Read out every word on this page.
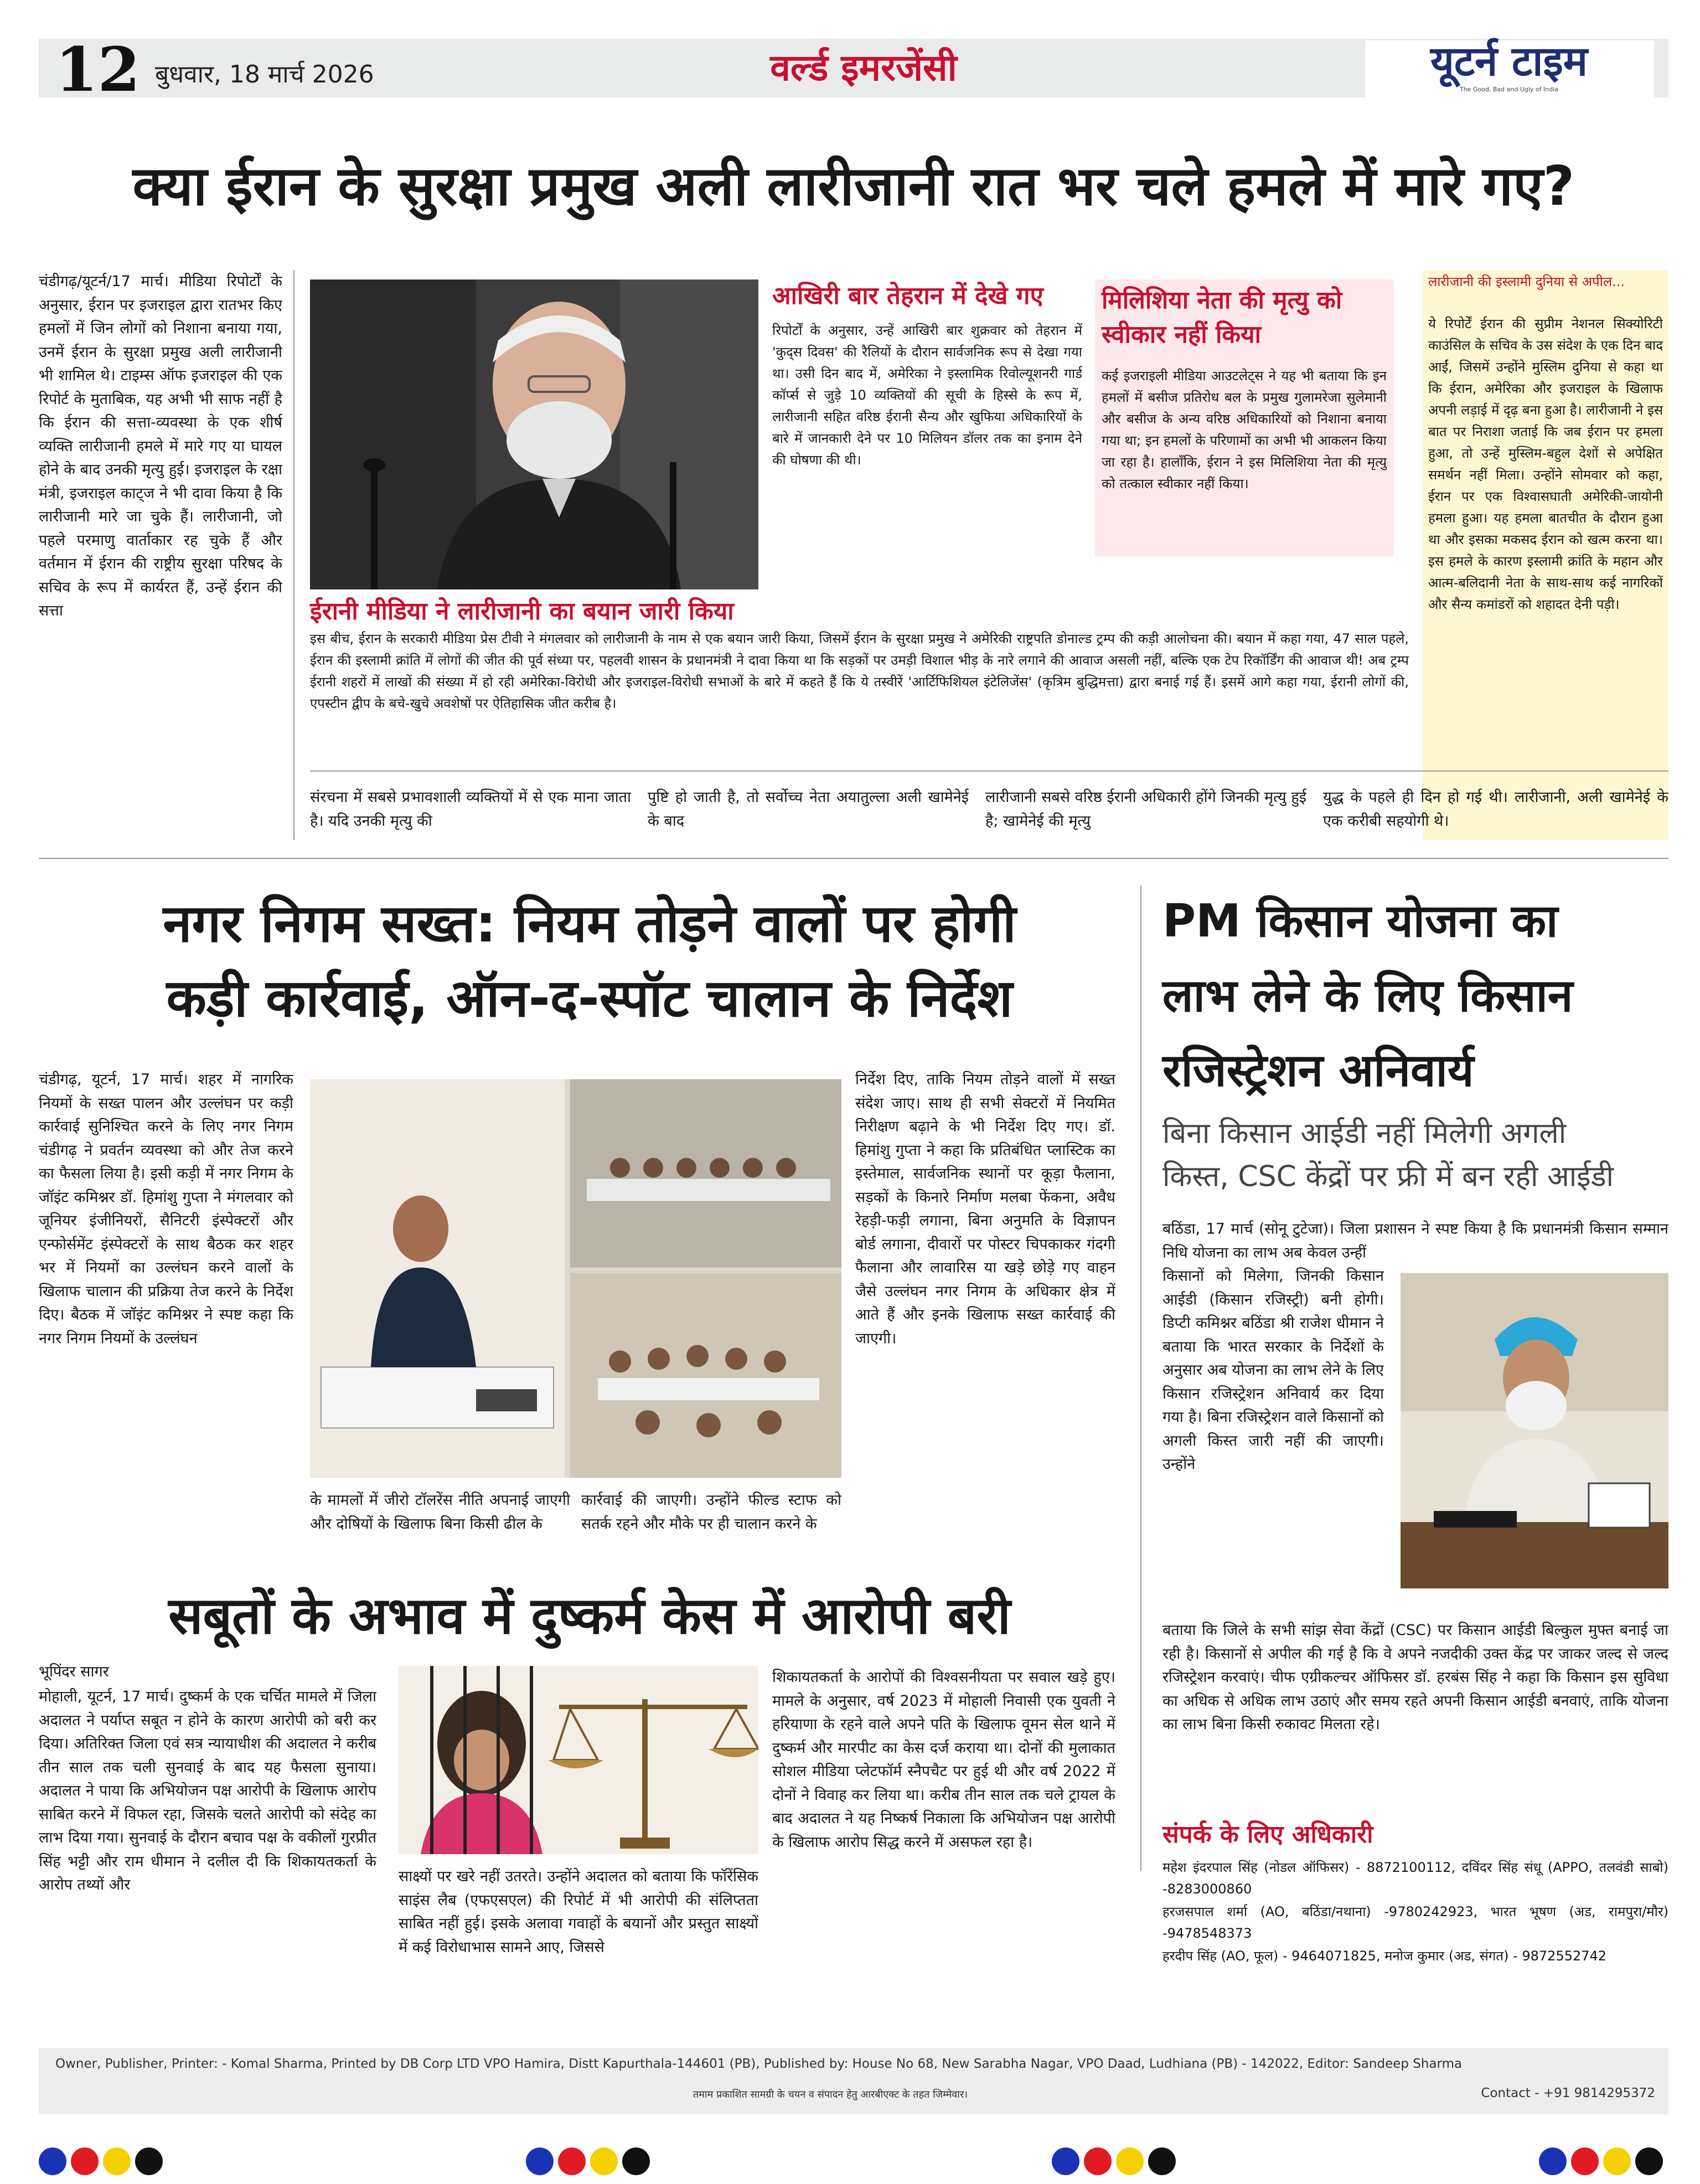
12 बुधवार, 18 मार्च 2026	वर्ल्ड इमरजेंसी	यूटर्न टाइम
The Good, Bad and Ugly of India
क्या ईरान के सुरक्षा प्रमुख अली लारीजानी रात भर चले हमले में मारे गए?
चंडीगढ़/यूटर्न/17 मार्च। मीडिया रिपोर्टों के अनुसार, ईरान पर इजराइल द्वारा रातभर किए हमलों में जिन लोगों को निशाना बनाया गया, उनमें ईरान के सुरक्षा प्रमुख अली लारीजानी भी शामिल थे। टाइम्स ऑफ इजराइल की एक रिपोर्ट के मुताबिक, यह अभी भी साफ नहीं है कि ईरान की सत्ता-व्यवस्था के एक शीर्ष व्यक्ति लारीजानी हमले में मारे गए या घायल होने के बाद उनकी मृत्यु हुई। इजराइल के रक्षा मंत्री, इजराइल काट्ज ने भी दावा किया है कि लारीजानी मारे जा चुके हैं। लारीजानी, जो पहले परमाणु वार्ताकार रह चुके हैं और वर्तमान में ईरान की राष्ट्रीय सुरक्षा परिषद के सचिव के रूप में कार्यरत हैं, उन्हें ईरान की सत्ता
आखिरी बार तेहरान में देखे गए
रिपोर्टों के अनुसार, उन्हें आखिरी बार शुक्रवार को तेहरान में 'कुद्स दिवस' की रैलियों के दौरान सार्वजनिक रूप से देखा गया था। उसी दिन बाद में, अमेरिका ने इस्लामिक रिवोल्यूशनरी गार्ड कॉर्प्स से जुड़े 10 व्यक्तियों की सूची के हिस्से के रूप में, लारीजानी सहित वरिष्ठ ईरानी सैन्य और खुफिया अधिकारियों के बारे में जानकारी देने पर 10 मिलियन डॉलर तक का इनाम देने की घोषणा की थी।
मिलिशिया नेता की मृत्यु को स्वीकार नहीं किया
कई इजराइली मीडिया आउटलेट्स ने यह भी बताया कि इन हमलों में बसीज प्रतिरोध बल के प्रमुख गुलामरेजा सुलेमानी और बसीज के अन्य वरिष्ठ अधिकारियों को निशाना बनाया गया था; इन हमलों के परिणामों का अभी भी आकलन किया जा रहा है। हालाँकि, ईरान ने इस मिलिशिया नेता की मृत्यु को तत्काल स्वीकार नहीं किया।
लारीजानी की इस्लामी दुनिया से अपील...
ये रिपोर्टें ईरान की सुप्रीम नेशनल सिक्योरिटी काउंसिल के सचिव के उस संदेश के एक दिन बाद आईं, जिसमें उन्होंने मुस्लिम दुनिया से कहा था कि ईरान, अमेरिका और इजराइल के खिलाफ अपनी लड़ाई में दृढ़ बना हुआ है। लारीजानी ने इस बात पर निराशा जताई कि जब ईरान पर हमला हुआ, तो उन्हें मुस्लिम-बहुल देशों से अपेक्षित समर्थन नहीं मिला। उन्होंने सोमवार को कहा, ईरान पर एक विश्वासघाती अमेरिकी-जायोनी हमला हुआ। यह हमला बातचीत के दौरान हुआ था और इसका मकसद ईरान को खत्म करना था। इस हमले के कारण इस्लामी क्रांति के महान और आत्म-बलिदानी नेता के साथ-साथ कई नागरिकों और सैन्य कमांडरों को शहादत देनी पड़ी।
ईरानी मीडिया ने लारीजानी का बयान जारी किया
इस बीच, ईरान के सरकारी मीडिया प्रेस टीवी ने मंगलवार को लारीजानी के नाम से एक बयान जारी किया, जिसमें ईरान के सुरक्षा प्रमुख ने अमेरिकी राष्ट्रपति डोनाल्ड ट्रम्प की कड़ी आलोचना की। बयान में कहा गया, 47 साल पहले, ईरान की इस्लामी क्रांति में लोगों की जीत की पूर्व संध्या पर, पहलवी शासन के प्रधानमंत्री ने दावा किया था कि सड़कों पर उमड़ी विशाल भीड़ के नारे लगाने की आवाज असली नहीं, बल्कि एक टेप रिकॉर्डिंग की आवाज थी! अब ट्रम्प ईरानी शहरों में लाखों की संख्या में हो रही अमेरिका-विरोधी और इजराइल-विरोधी सभाओं के बारे में कहते हैं कि ये तस्वीरें 'आर्टिफिशियल इंटेलिजेंस' (कृत्रिम बुद्धिमत्ता) द्वारा बनाई गई हैं। इसमें आगे कहा गया, ईरानी लोगों की, एपस्टीन द्वीप के बचे-खुचे अवशेषों पर ऐतिहासिक जीत करीब है।
संरचना में सबसे प्रभावशाली व्यक्तियों में से एक माना जाता है। यदि उनकी मृत्यु की
पुष्टि हो जाती है, तो सर्वोच्च नेता अयातुल्ला अली खामेनेई के बाद
लारीजानी सबसे वरिष्ठ ईरानी अधिकारी होंगे जिनकी मृत्यु हुई है; खामेनेई की मृत्यु
युद्ध के पहले ही दिन हो गई थी। लारीजानी, अली खामेनेई के एक करीबी सहयोगी थे।
नगर निगम सख्त: नियम तोड़ने वालों पर होगी
कड़ी कार्रवाई, ऑन-द-स्पॉट चालान के निर्देश
चंडीगढ़, यूटर्न, 17 मार्च। शहर में नागरिक नियमों के सख्त पालन और उल्लंघन पर कड़ी कार्रवाई सुनिश्चित करने के लिए नगर निगम चंडीगढ़ ने प्रवर्तन व्यवस्था को और तेज करने का फैसला लिया है। इसी कड़ी में नगर निगम के जॉइंट कमिश्नर डॉ. हिमांशु गुप्ता ने मंगलवार को जूनियर इंजीनियरों, सैनिटरी इंस्पेक्टरों और एन्फोर्समेंट इंस्पेक्टरों के साथ बैठक कर शहर भर में नियमों का उल्लंघन करने वालों के खिलाफ चालान की प्रक्रिया तेज करने के निर्देश दिए। बैठक में जॉइंट कमिश्नर ने स्पष्ट कहा कि नगर निगम नियमों के उल्लंघन
के मामलों में जीरो टॉलरेंस नीति अपनाई जाएगी और दोषियों के खिलाफ बिना किसी ढील के
कार्रवाई की जाएगी। उन्होंने फील्ड स्टाफ को सतर्क रहने और मौके पर ही चालान करने के
निर्देश दिए, ताकि नियम तोड़ने वालों में सख्त संदेश जाए। साथ ही सभी सेक्टरों में नियमित निरीक्षण बढ़ाने के भी निर्देश दिए गए। डॉ. हिमांशु गुप्ता ने कहा कि प्रतिबंधित प्लास्टिक का इस्तेमाल, सार्वजनिक स्थानों पर कूड़ा फैलाना, सड़कों के किनारे निर्माण मलबा फेंकना, अवैध रेहड़ी-फड़ी लगाना, बिना अनुमति के विज्ञापन बोर्ड लगाना, दीवारों पर पोस्टर चिपकाकर गंदगी फैलाना और लावारिस या खड़े छोड़े गए वाहन जैसे उल्लंघन नगर निगम के अधिकार क्षेत्र में आते हैं और इनके खिलाफ सख्त कार्रवाई की जाएगी।
सबूतों के अभाव में दुष्कर्म केस में आरोपी बरी
भूपिंदर सागर
मोहाली, यूटर्न, 17 मार्च। दुष्कर्म के एक चर्चित मामले में जिला अदालत ने पर्याप्त सबूत न होने के कारण आरोपी को बरी कर दिया। अतिरिक्त जिला एवं सत्र न्यायाधीश की अदालत ने करीब तीन साल तक चली सुनवाई के बाद यह फैसला सुनाया। अदालत ने पाया कि अभियोजन पक्ष आरोपी के खिलाफ आरोप साबित करने में विफल रहा, जिसके चलते आरोपी को संदेह का लाभ दिया गया। सुनवाई के दौरान बचाव पक्ष के वकीलों गुरप्रीत सिंह भट्टी और राम धीमान ने दलील दी कि शिकायतकर्ता के आरोप तथ्यों और	साक्ष्यों पर खरे नहीं उतरते। उन्होंने अदालत को बताया कि फॉरेंसिक साइंस लैब (एफएसएल) की रिपोर्ट में भी आरोपी की संलिप्तता साबित नहीं हुई। इसके अलावा गवाहों के बयानों और प्रस्तुत साक्ष्यों में कई विरोधाभास सामने आए, जिससे
शिकायतकर्ता के आरोपों की विश्वसनीयता पर सवाल खड़े हुए। मामले के अनुसार, वर्ष 2023 में मोहाली निवासी एक युवती ने हरियाणा के रहने वाले अपने पति के खिलाफ वूमन सेल थाने में दुष्कर्म और मारपीट का केस दर्ज कराया था। दोनों की मुलाकात सोशल मीडिया प्लेटफॉर्म स्नैपचैट पर हुई थी और वर्ष 2022 में दोनों ने विवाह कर लिया था। करीब तीन साल तक चले ट्रायल के बाद अदालत ने यह निष्कर्ष निकाला कि अभियोजन पक्ष आरोपी के खिलाफ आरोप सिद्ध करने में असफल रहा है।
PM किसान योजना का
लाभ लेने के लिए किसान
रजिस्ट्रेशन अनिवार्य
बिना किसान आईडी नहीं मिलेगी अगली
किस्त, CSC केंद्रों पर फ्री में बन रही आईडी
बठिंडा, 17 मार्च (सोनू टुटेजा)। जिला प्रशासन ने स्पष्ट किया है कि प्रधानमंत्री किसान सम्मान निधि योजना का लाभ अब केवल उन्हीं
किसानों को मिलेगा, जिनकी किसान आईडी (किसान रजिस्ट्री) बनी होगी। डिप्टी कमिश्नर बठिंडा श्री राजेश धीमान ने बताया कि भारत सरकार के निर्देशों के अनुसार अब योजना का लाभ लेने के लिए किसान रजिस्ट्रेशन अनिवार्य कर दिया गया है। बिना रजिस्ट्रेशन वाले किसानों को अगली किस्त जारी नहीं की जाएगी। उन्होंने
बताया कि जिले के सभी सांझ सेवा केंद्रों (CSC) पर किसान आईडी बिल्कुल मुफ्त बनाई जा रही है। किसानों से अपील की गई है कि वे अपने नजदीकी उक्त केंद्र पर जाकर जल्द से जल्द रजिस्ट्रेशन करवाएं। चीफ एग्रीकल्चर ऑफिसर डॉ. हरबंस सिंह ने कहा कि किसान इस सुविधा का अधिक से अधिक लाभ उठाएं और समय रहते अपनी किसान आईडी बनवाएं, ताकि योजना का लाभ बिना किसी रुकावट मिलता रहे।
संपर्क के लिए अधिकारी
महेश इंदरपाल सिंह (नोडल ऑफिसर) - 8872100112, दविंदर सिंह संधू (APPO, तलवंडी साबो) -8283000860
हरजसपाल शर्मा (AO, बठिंडा/नथाना) -9780242923, भारत भूषण (अड, रामपुरा/मौर) -9478548373
हरदीप सिंह (AO, फूल) - 9464071825, मनोज कुमार (अड, संगत) - 9872552742
Owner, Publisher, Printer: - Komal Sharma, Printed by DB Corp LTD VPO Hamira, Distt Kapurthala-144601 (PB), Published by: House No 68, New Sarabha Nagar, VPO Daad, Ludhiana (PB) - 142022, Editor: Sandeep Sharma
तमाम प्रकाशित सामग्री के चयन व संपादन हेतु आरबीएक्ट के तहत जिम्मेवार।	Contact - +91 9814295372
